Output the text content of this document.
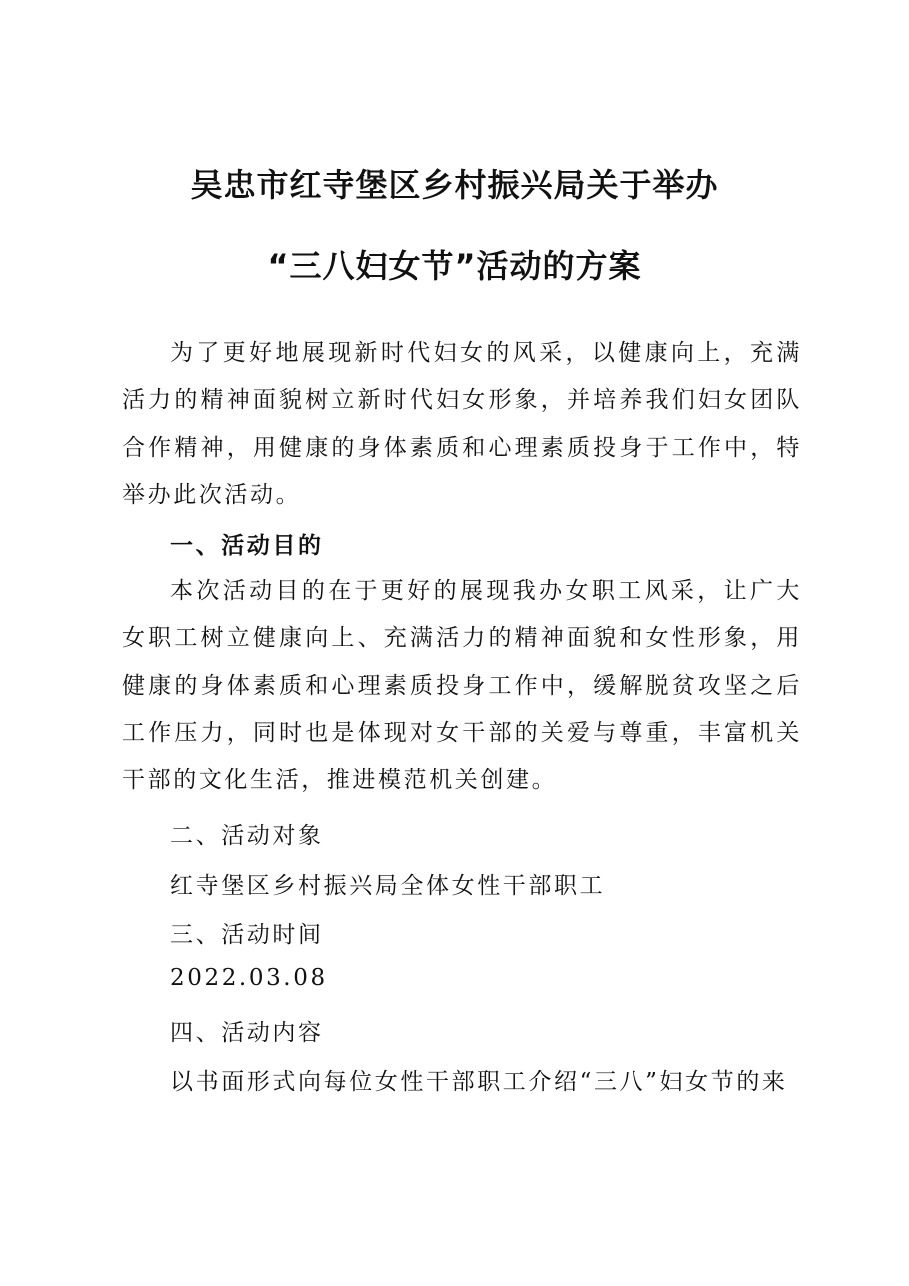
吴忠市红寺堡区乡村振兴局关于举办
“三八妇女节”活动的方案

为了更好地展现新时代妇女的风采，以健康向上，充满活力的精神面貌树立新时代妇女形象，并培养我们妇女团队合作精神，用健康的身体素质和心理素质投身于工作中，特举办此次活动。

一、活动目的

本次活动目的在于更好的展现我办女职工风采，让广大女职工树立健康向上、充满活力的精神面貌和女性形象，用健康的身体素质和心理素质投身工作中，缓解脱贫攻坚之后工作压力，同时也是体现对女干部的关爱与尊重，丰富机关干部的文化生活，推进模范机关创建。

二、活动对象

红寺堡区乡村振兴局全体女性干部职工

三、活动时间

2022.03.08

四、活动内容

以书面形式向每位女性干部职工介绍“三八”妇女节的来
